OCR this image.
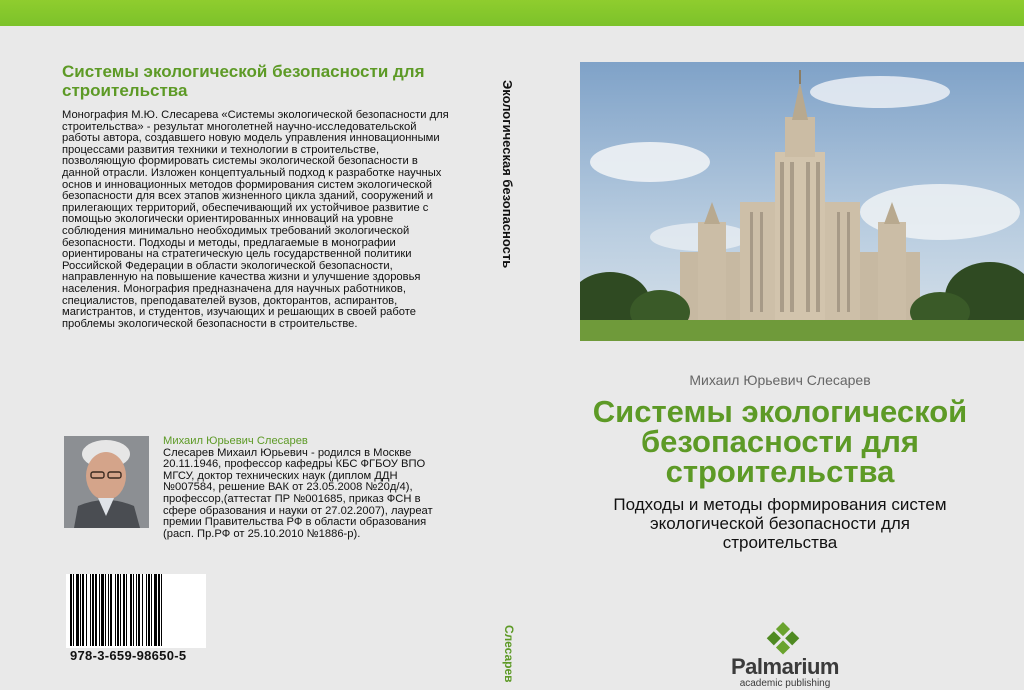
Системы экологической безопасности для строительства
Монография М.Ю. Слесарева «Системы экологической безопасности для строительства» - результат многолетней научно-исследовательской работы автора, создавшего новую модель управления инновационными процессами развития техники и технологии в строительстве, позволяющую формировать системы экологической безопасности в данной отрасли. Изложен концептуальный подход к разработке научных основ и инновационных методов формирования систем экологической безопасности для всех этапов жизненного цикла зданий, сооружений и прилегающих территорий, обеспечивающий их устойчивое развитие с помощью экологически ориентированных инноваций на уровне соблюдения минимально необходимых требований экологической безопасности. Подходы и методы, предлагаемые в монографии ориентированы на стратегическую цель государственной политики Российской Федерации в области экологической безопасности, направленную на повышение качества жизни и улучшение здоровья населения. Монография предназначена для научных работников, специалистов, преподавателей вузов, докторантов, аспирантов, магистрантов, и студентов, изучающих и решающих в своей работе проблемы экологической безопасности в строительстве.
Михаил Юрьевич Слесарев
Слесарев Михаил Юрьевич - родился в Москве 20.11.1946, профессор кафедры КБС ФГБОУ ВПО МГСУ, доктор технических наук (диплом ДДН №007584, решение ВАК от 23.05.2008 №20д/4), профессор,(аттестат ПР №001685, приказ ФСН в сфере образования и науки от 27.02.2007), лауреат премии Правительства РФ в области образования (расп. Пр.РФ от 25.10.2010 №1886-р).
978-3-659-98650-5
Экологическая безопасность
Слесарев
Михаил Юрьевич Слесарев
Системы экологической безопасности для строительства
Подходы и методы формирования систем экологической безопасности для строительства
Palmarium
academic publishing
